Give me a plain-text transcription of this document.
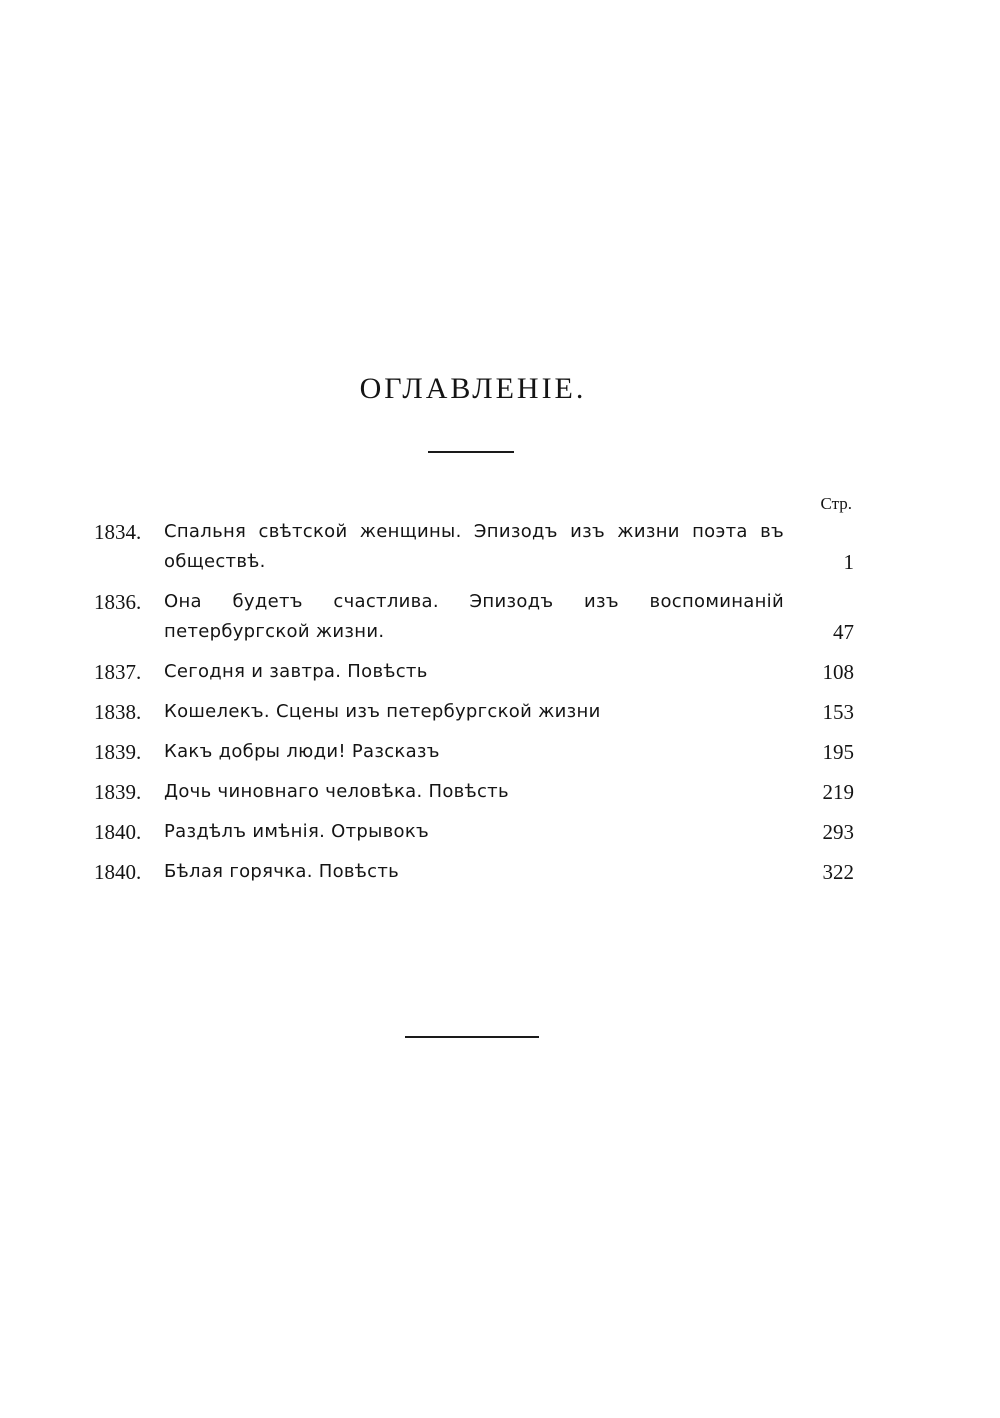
ОГЛАВЛЕНІЕ.
Стр.
1834.	Спальня свѣтской женщины. Эпизодъ изъ жизни поэта въ обществѣ.	1
1836.	Она будетъ счастлива. Эпизодъ изъ воспоминаній петербургской жизни.	47
1837.	Сегодня и завтра. Повѣсть	108
1838.	Кошелекъ. Сцены изъ петербургской жизни	153
1839.	Какъ добры люди! Разсказъ	195
1839.	Дочь чиновнаго человѣка. Повѣсть	219
1840.	Раздѣлъ имѣнія. Отрывокъ	293
1840.	Бѣлая горячка. Повѣсть	322
